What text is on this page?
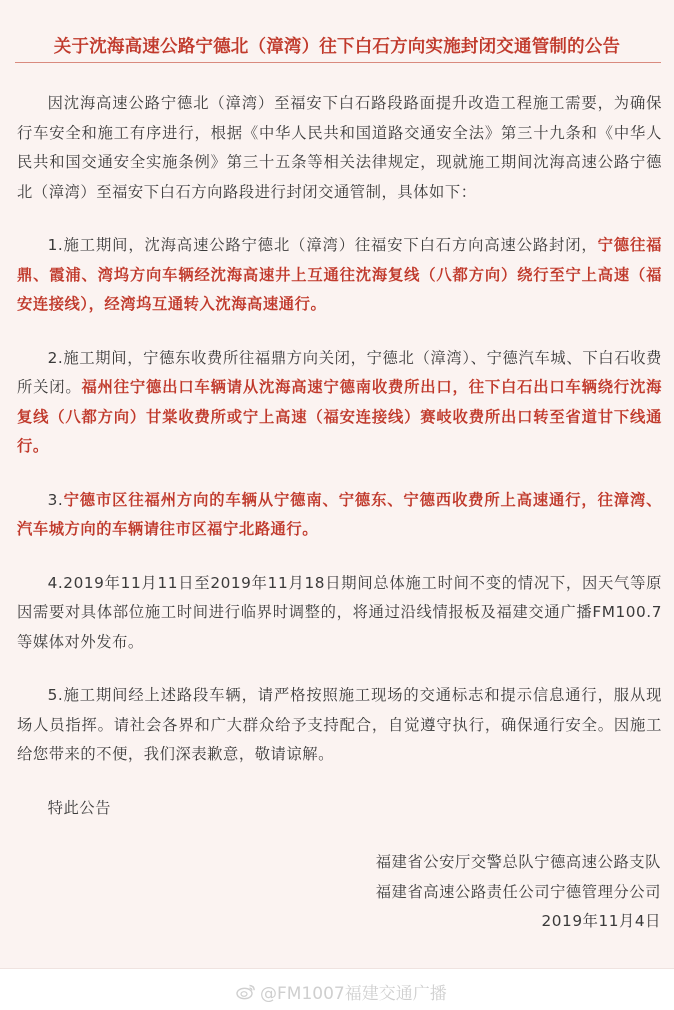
关于沈海高速公路宁德北（漳湾）往下白石方向实施封闭交通管制的公告

因沈海高速公路宁德北（漳湾）至福安下白石路段路面提升改造工程施工需要，为确保行车安全和施工有序进行，根据《中华人民共和国道路交通安全法》第三十九条和《中华人民共和国交通安全实施条例》第三十五条等相关法律规定，现就施工期间沈海高速公路宁德北（漳湾）至福安下白石方向路段进行封闭交通管制，具体如下：

1.施工期间，沈海高速公路宁德北（漳湾）往福安下白石方向高速公路封闭，宁德往福鼎、霞浦、湾坞方向车辆经沈海高速井上互通往沈海复线（八都方向）绕行至宁上高速（福安连接线），经湾坞互通转入沈海高速通行。

2.施工期间，宁德东收费所往福鼎方向关闭，宁德北（漳湾）、宁德汽车城、下白石收费所关闭。福州往宁德出口车辆请从沈海高速宁德南收费所出口，往下白石出口车辆绕行沈海复线（八都方向）甘棠收费所或宁上高速（福安连接线）赛岐收费所出口转至省道甘下线通行。

3.宁德市区往福州方向的车辆从宁德南、宁德东、宁德西收费所上高速通行，往漳湾、汽车城方向的车辆请往市区福宁北路通行。

4.2019年11月11日至2019年11月18日期间总体施工时间不变的情况下，因天气等原因需要对具体部位施工时间进行临界时调整的，将通过沿线情报板及福建交通广播FM100.7等媒体对外发布。

5.施工期间经上述路段车辆，请严格按照施工现场的交通标志和提示信息通行，服从现场人员指挥。请社会各界和广大群众给予支持配合，自觉遵守执行，确保通行安全。因施工给您带来的不便，我们深表歉意，敬请谅解。

特此公告

福建省公安厅交警总队宁德高速公路支队
福建省高速公路责任公司宁德管理分公司
2019年11月4日
@FM1007福建交通广播
